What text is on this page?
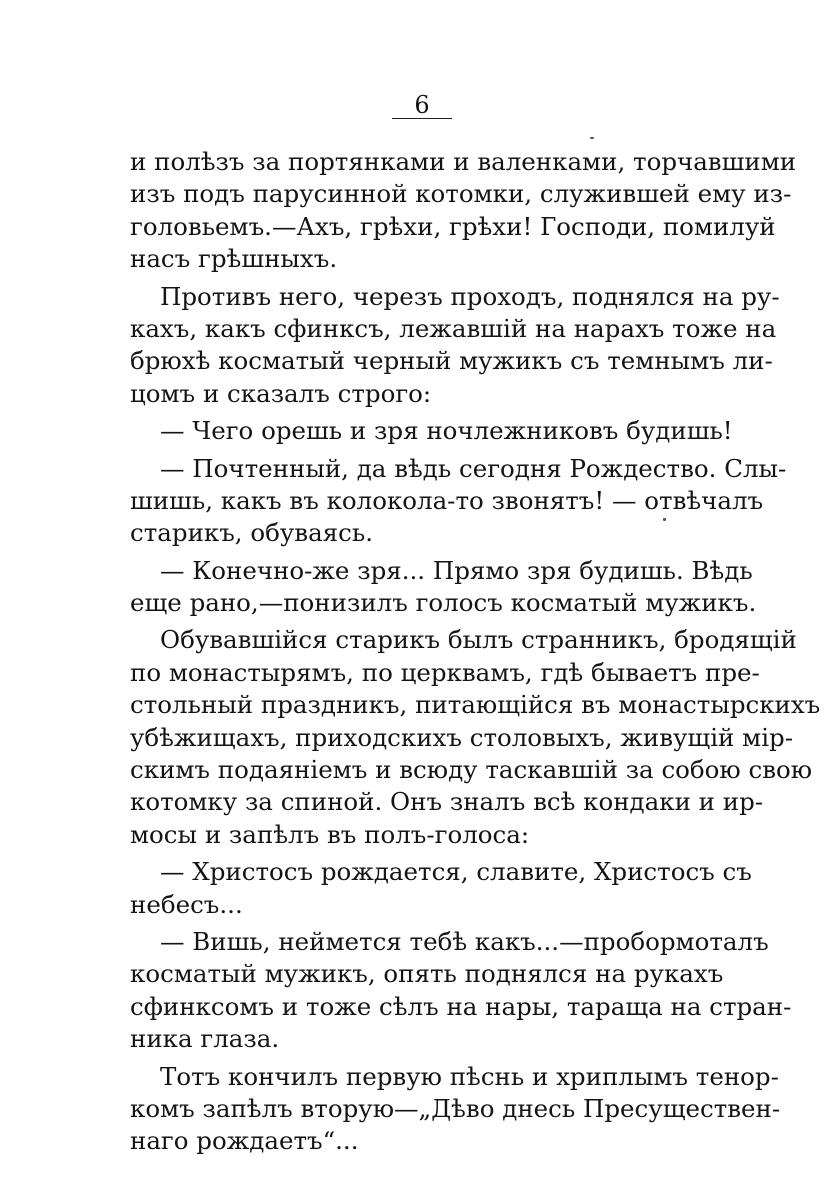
6
и полѣзъ за портянками и валенками, торчавшими
изъ подъ парусинной котомки, служившей ему из-
головьемъ.—Ахъ, грѣхи, грѣхи! Господи, помилуй
насъ грѣшныхъ.
Противъ него, черезъ проходъ, поднялся на ру-
кахъ, какъ сфинксъ, лежавшій на нарахъ тоже на
брюхѣ косматый черный мужикъ съ темнымъ ли-
цомъ и сказалъ строго:
— Чего орешь и зря ночлежниковъ будишь!
— Почтенный, да вѣдь сегодня Рождество. Слы-
шишь, какъ въ колокола-то звонятъ! — отвѣчалъ
старикъ, обуваясь.
— Конечно-же зря... Прямо зря будишь. Вѣдь
еще рано,—понизилъ голосъ косматый мужикъ.
Обувавшійся старикъ былъ странникъ, бродящій
по монастырямъ, по церквамъ, гдѣ бываетъ пре-
стольный праздникъ, питающійся въ монастырскихъ
убѣжищахъ, приходскихъ столовыхъ, живущій мір-
скимъ подаяніемъ и всюду таскавшій за собою свою
котомку за спиной. Онъ зналъ всѣ кондаки и ир-
мосы и запѣлъ въ полъ-голоса:
— Христосъ рождается, славите, Христосъ съ
небесъ...
— Вишь, неймется тебѣ какъ...—пробормоталъ
косматый мужикъ, опять поднялся на рукахъ
сфинксомъ и тоже сѣлъ на нары, таращa на стран-
ника глаза.
Тотъ кончилъ первую пѣснь и хриплымъ тенор-
комъ запѣлъ вторую—„Дѣво днесь Пресуществен-
наго рождаетъ“...
